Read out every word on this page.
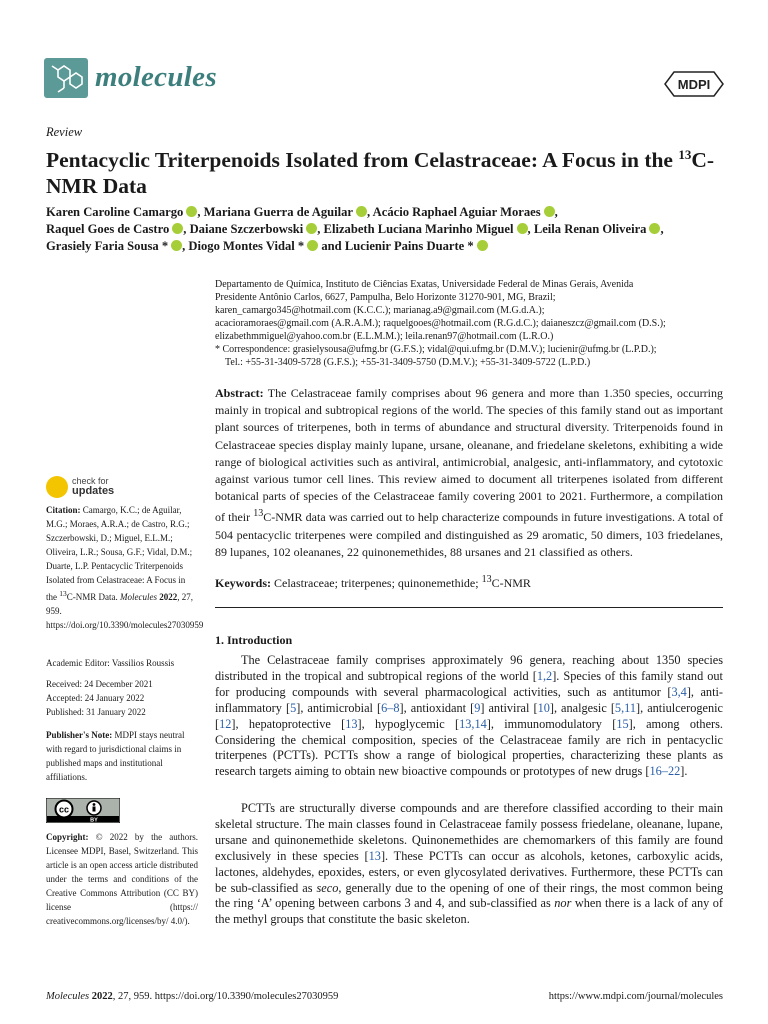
molecules	MDPI
Review
Pentacyclic Triterpenoids Isolated from Celastraceae: A Focus in the $^{13}$C-NMR Data
Karen Caroline Camargo , Mariana Guerra de Aguilar , Acácio Raphael Aguiar Moraes ,
Raquel Goes de Castro , Daiane Szczerbowski , Elizabeth Luciana Marinho Miguel , Leila Renan Oliveira ,
Grasiely Faria Sousa * , Diogo Montes Vidal * and Lucienir Pains Duarte *
Departamento de Química, Instituto de Ciências Exatas, Universidade Federal de Minas Gerais, Avenida
Presidente Antônio Carlos, 6627, Pampulha, Belo Horizonte 31270-901, MG, Brazil;
karen_camargo345@hotmail.com (K.C.C.); marianag.a9@gmail.com (M.G.d.A.);
acacioramoraes@gmail.com (A.R.A.M.); raquelgooes@hotmail.com (R.G.d.C.); daianeszcz@gmail.com (D.S.);
elizabethmmiguel@yahoo.com.br (E.L.M.M.); leila.renan97@hotmail.com (L.R.O.)
* Correspondence: grasielysousa@ufmg.br (G.F.S.); vidal@qui.ufmg.br (D.M.V.); lucienir@ufmg.br (L.P.D.);
Tel.: +55-31-3409-5728 (G.F.S.); +55-31-3409-5750 (D.M.V.); +55-31-3409-5722 (L.P.D.)
Abstract: The Celastraceae family comprises about 96 genera and more than 1.350 species, occurring mainly in tropical and subtropical regions of the world. The species of this family stand out as important plant sources of triterpenes, both in terms of abundance and structural diversity. Triterpenoids found in Celastraceae species display mainly lupane, ursane, oleanane, and friedelane skeletons, exhibiting a wide range of biological activities such as antiviral, antimicrobial, analgesic, anti-inflammatory, and cytotoxic against various tumor cell lines. This review aimed to document all triterpenes isolated from different botanical parts of species of the Celastraceae family covering 2001 to 2021. Furthermore, a compilation of their $^{13}$C-NMR data was carried out to help characterize compounds in future investigations. A total of 504 pentacyclic triterpenes were compiled and distinguished as 29 aromatic, 50 dimers, 103 friedelanes, 89 lupanes, 102 oleananes, 22 quinonemethides, 88 ursanes and 21 classified as others.
Keywords: Celastraceae; triterpenes; quinonemethide; $^{13}$C-NMR
check for
updates
Citation: Camargo, K.C.; de Aguilar, M.G.; Moraes, A.R.A.; de Castro, R.G.; Szczerbowski, D.; Miguel, E.L.M.; Oliveira, L.R.; Sousa, G.F.; Vidal, D.M.; Duarte, L.P. Pentacyclic Triterpenoids Isolated from Celastraceae: A Focus in the $^{13}$C-NMR Data. Molecules 2022, 27, 959. https://doi.org/10.3390/molecules27030959
Academic Editor: Vassilios Roussis
Received: 24 December 2021
Accepted: 24 January 2022
Published: 31 January 2022
Publisher's Note: MDPI stays neutral with regard to jurisdictional claims in published maps and institutional affiliations.
cc
BY
Copyright: © 2022 by the authors. Licensee MDPI, Basel, Switzerland. This article is an open access article distributed under the terms and conditions of the Creative Commons Attribution (CC BY) license (https:// creativecommons.org/licenses/by/ 4.0/).
1. Introduction

The Celastraceae family comprises approximately 96 genera, reaching about 1350 species distributed in the tropical and subtropical regions of the world [1,2]. Species of this family stand out for producing compounds with several pharmacological activities, such as antitumor [3,4], anti-inflammatory [5], antimicrobial [6–8], antioxidant [9] antiviral [10], analgesic [5,11], antiulcerogenic [12], hepatoprotective [13], hypoglycemic [13,14], immunomodulatory [15], among others. Considering the chemical composition, species of the Celastraceae family are rich in pentacyclic triterpenes (PCTTs). PCTTs show a range of biological properties, characterizing these plants as research targets aiming to obtain new bioactive compounds or prototypes of new drugs [16–22].

PCTTs are structurally diverse compounds and are therefore classified according to their main skeletal structure. The main classes found in Celastraceae family possess friedelane, oleanane, lupane, ursane and quinonemethide skeletons. Quinonemethides are chemomarkers of this family are found exclusively in these species [13]. These PCTTs can occur as alcohols, ketones, carboxylic acids, lactones, aldehydes, epoxides, esters, or even glycosylated derivatives. Furthermore, these PCTTs can be sub-classified as seco, generally due to the opening of one of their rings, the most common being the ring ‘A’ opening between carbons 3 and 4, and sub-classified as nor when there is a lack of any of the methyl groups that constitute the basic skeleton.

Molecules 2022, 27, 959. https://doi.org/10.3390/molecules27030959	https://www.mdpi.com/journal/molecules
